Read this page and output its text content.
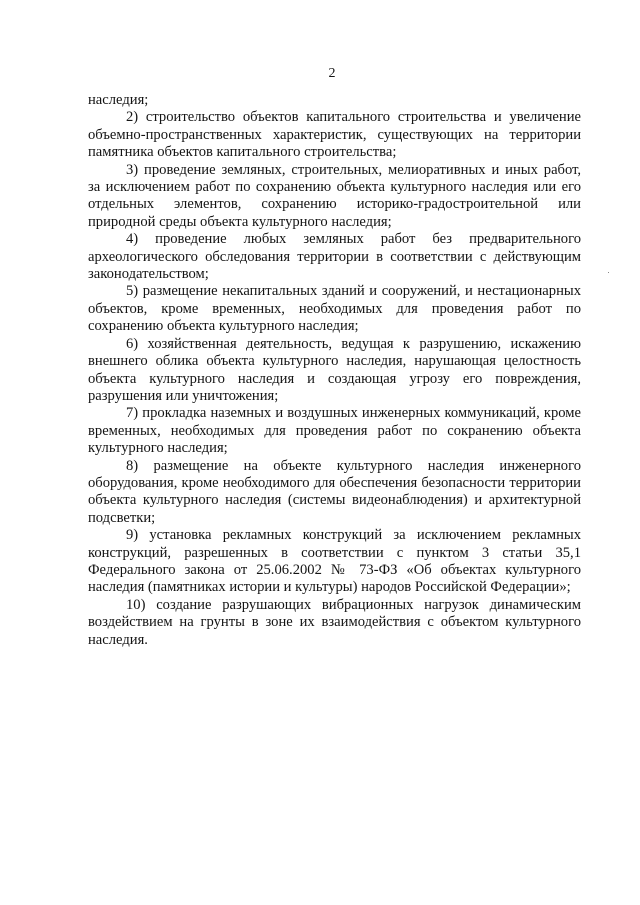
2

наследия;

2) строительство объектов капитального строительства и увеличение объемно-пространственных характеристик, существующих на территории памятника объектов капитального строительства;

3) проведение земляных, строительных, мелиоративных и иных работ, за исключением работ по сохранению объекта культурного наследия или его отдельных элементов, сохранению историко-градостроительной или природной среды объекта культурного наследия;

4) проведение любых земляных работ без предварительного археологического обследования территории в соответствии с действующим законодательством;

5) размещение некапитальных зданий и сооружений, и нестационарных объектов, кроме временных, необходимых для проведения работ по сохранению объекта культурного наследия;

6) хозяйственная деятельность, ведущая к разрушению, искажению внешнего облика объекта культурного наследия, нарушающая целостность объекта культурного наследия и создающая угрозу его повреждения, разрушения или уничтожения;

7) прокладка наземных и воздушных инженерных коммуникаций, кроме временных, необходимых для проведения работ по сокранению объекта культурного наследия;

8) размещение на объекте культурного наследия инженерного оборудования, кроме необходимого для обеспечения безопасности территории объекта культурного наследия (системы видеонаблюдения) и архитектурной подсветки;

9) установка рекламных конструкций за исключением рекламных конструкций, разрешенных в соответствии с пунктом 3 статьи 35,1 Федерального закона от 25.06.2002 № 73-ФЗ «Об объектах культурного наследия (памятниках истории и культуры) народов Российской Федерации»;

10) создание разрушающих вибрационных нагрузок динамическим воздействием на грунты в зоне их взаимодействия с объектом культурного наследия.
